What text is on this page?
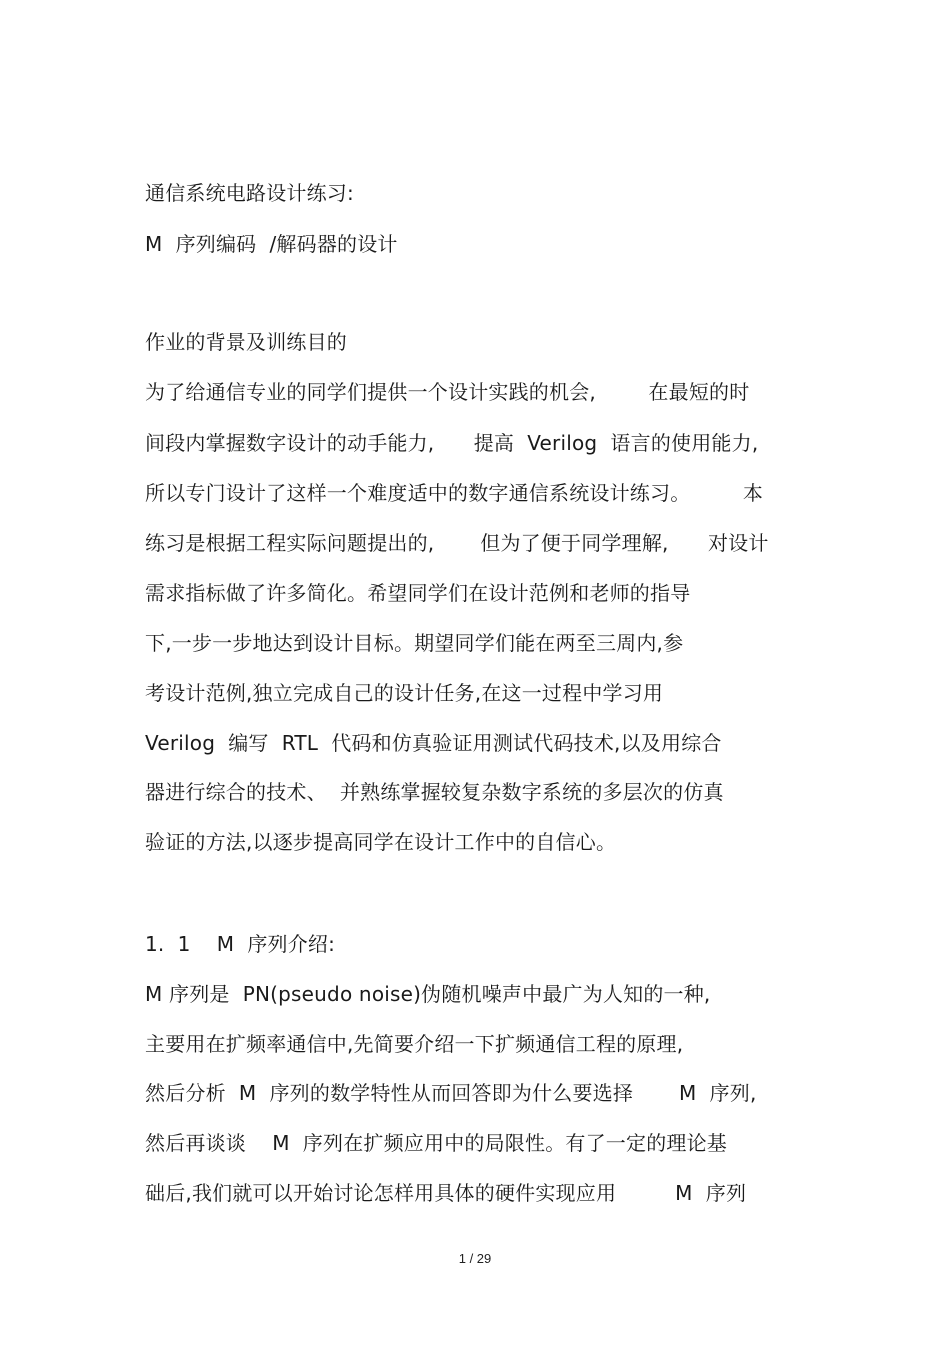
通信系统电路设计练习:
M  序列编码  /解码器的设计
作业的背景及训练目的
为了给通信专业的同学们提供一个设计实践的机会,        在最短的时
间段内掌握数字设计的动手能力,      提高  Verilog  语言的使用能力,
所以专门设计了这样一个难度适中的数字通信系统设计练习。        本
练习是根据工程实际问题提出的,       但为了便于同学理解,      对设计
需求指标做了许多简化。希望同学们在设计范例和老师的指导
下,一步一步地达到设计目标。期望同学们能在两至三周内,参
考设计范例,独立完成自己的设计任务,在这一过程中学习用
Verilog  编写  RTL  代码和仿真验证用测试代码技术,以及用综合
器进行综合的技术、  并熟练掌握较复杂数字系统的多层次的仿真
验证的方法,以逐步提高同学在设计工作中的自信心。
1.  1    M  序列介绍:
M 序列是  PN(pseudo noise)伪随机噪声中最广为人知的一种,
主要用在扩频率通信中,先简要介绍一下扩频通信工程的原理,
然后分析  M  序列的数学特性从而回答即为什么要选择       M  序列,
然后再谈谈    M  序列在扩频应用中的局限性。有了一定的理论基
础后,我们就可以开始讨论怎样用具体的硬件实现应用         M  序列
1 / 29
